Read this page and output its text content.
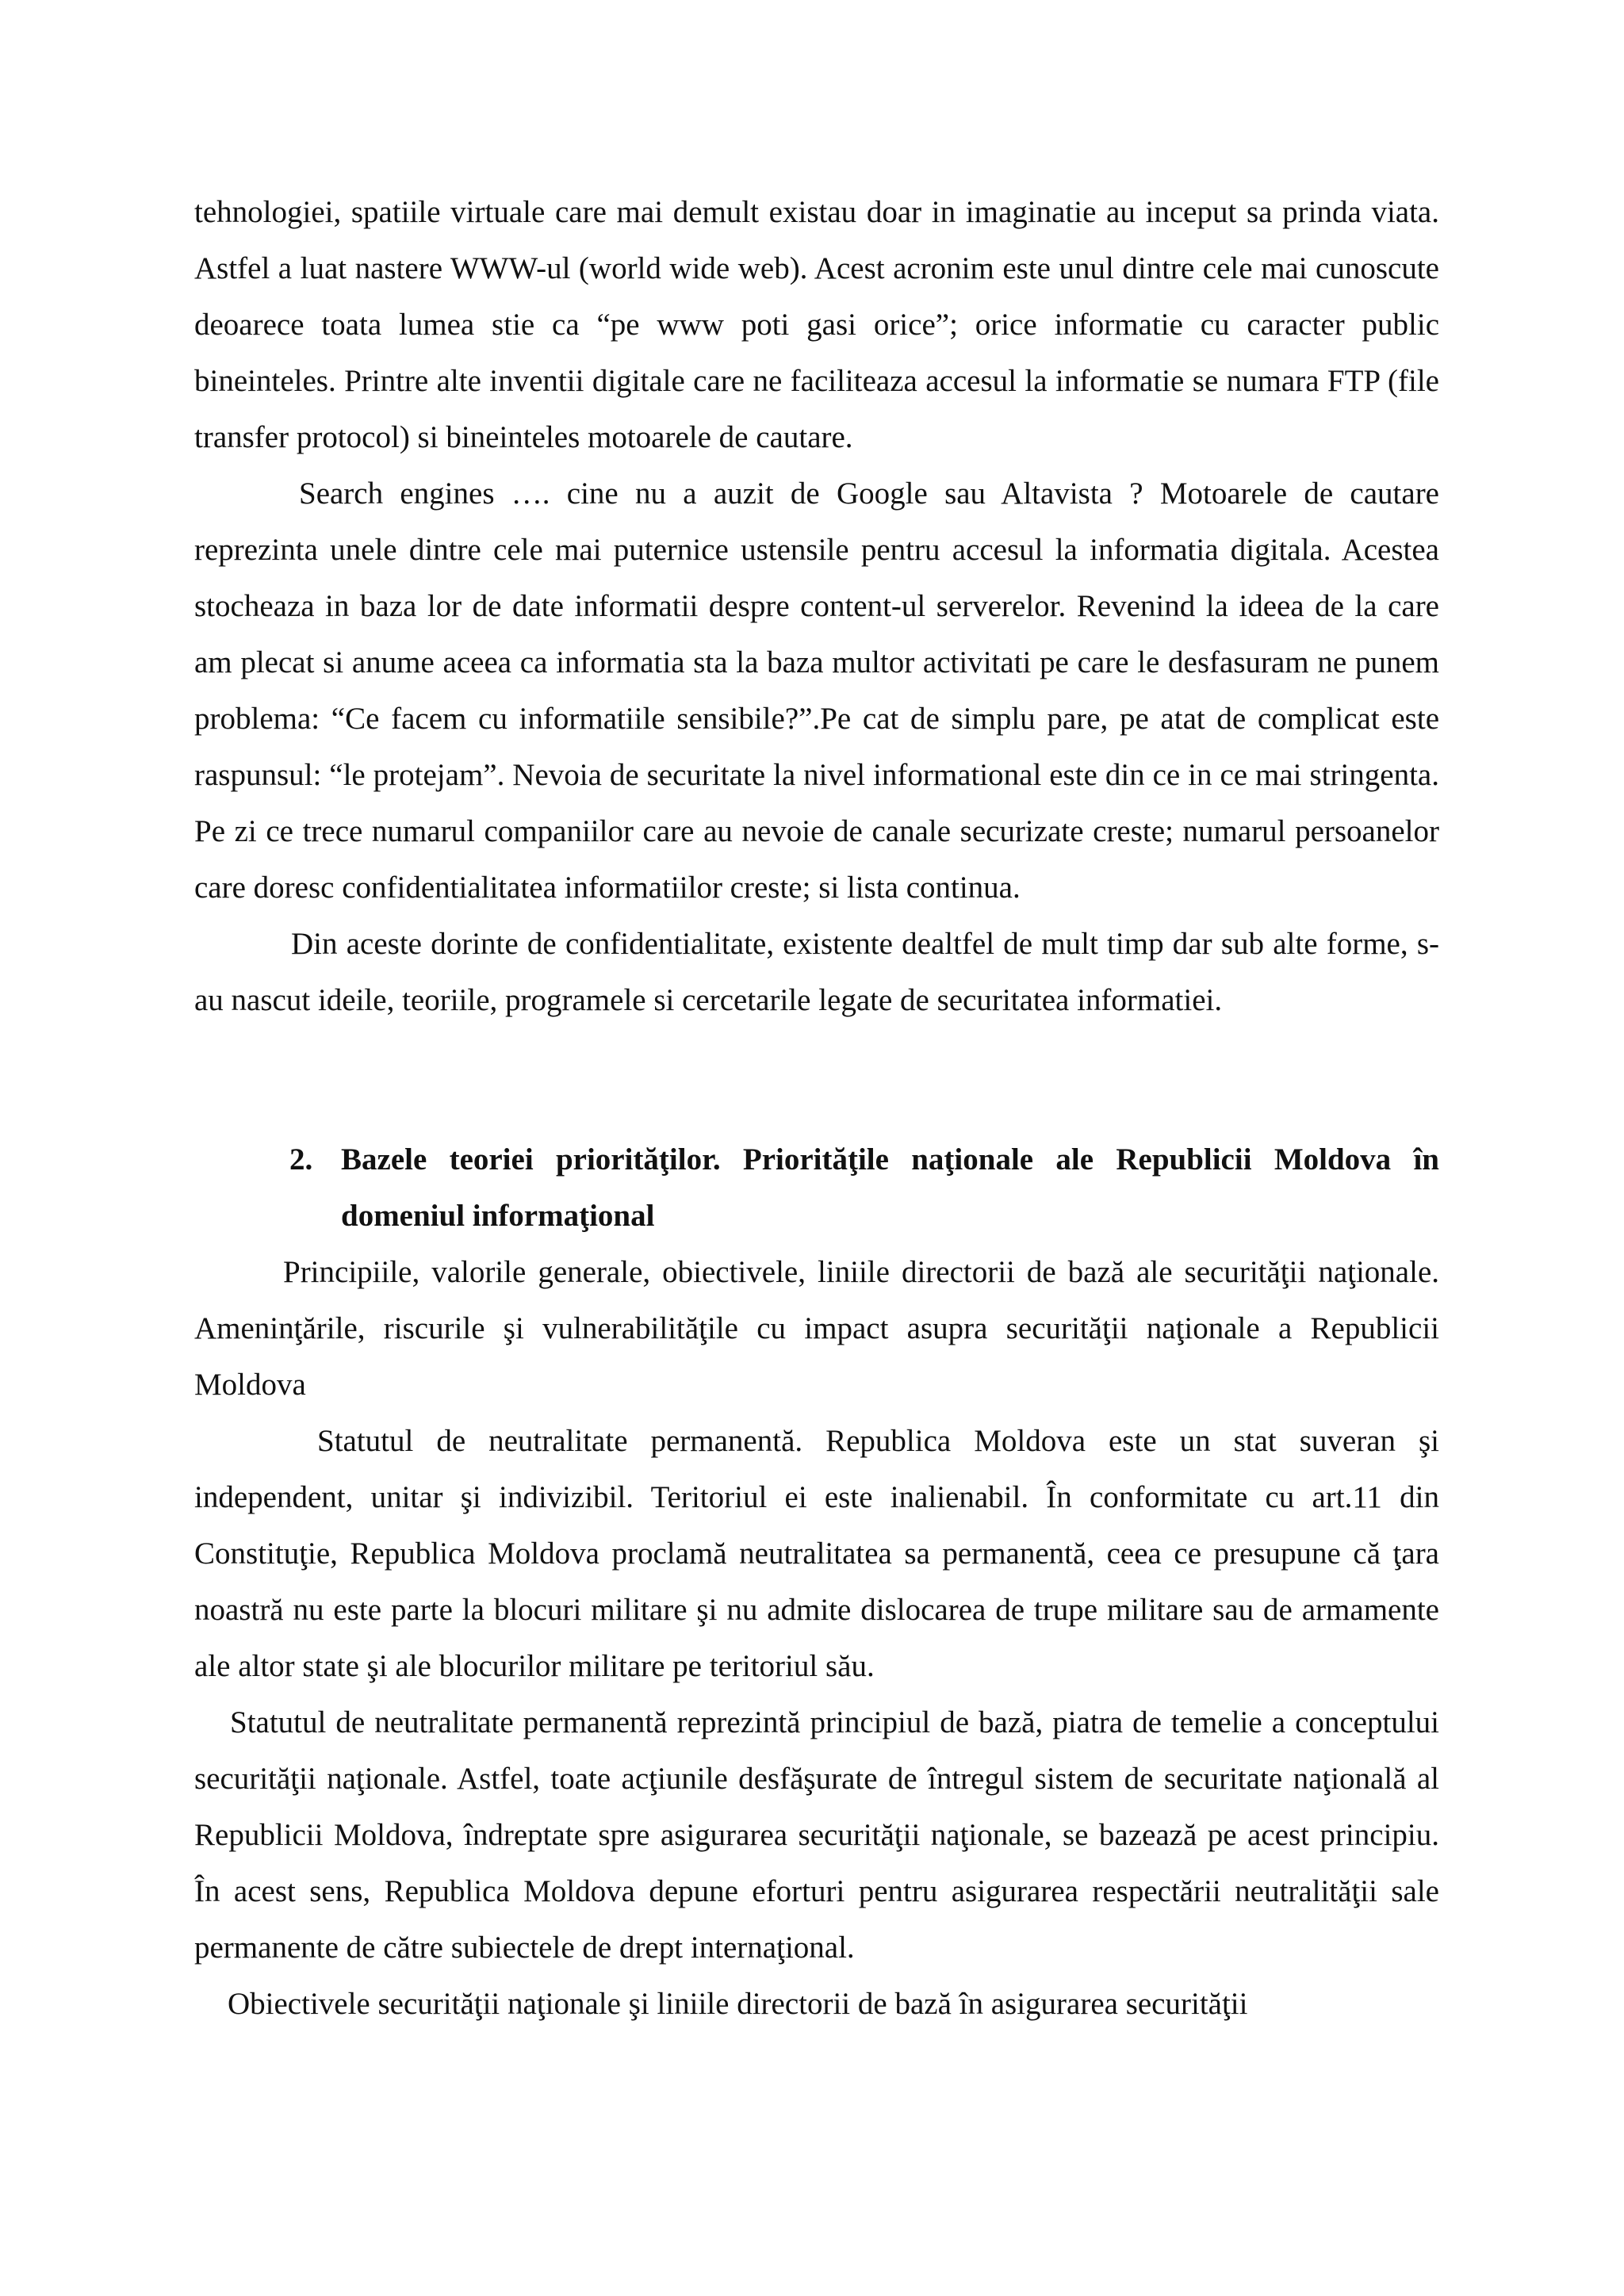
tehnologiei, spatiile virtuale care mai demult existau doar in imaginatie au inceput sa prinda viata. Astfel a luat nastere WWW-ul (world wide web). Acest acronim este unul dintre cele mai cunoscute deoarece toata lumea stie ca “pe www poti gasi orice”; orice informatie cu caracter public bineinteles. Printre alte inventii digitale care ne faciliteaza accesul la informatie se numara FTP (file transfer protocol) si bineinteles motoarele de cautare.

Search engines …. cine nu a auzit de Google sau Altavista ? Motoarele de cautare reprezinta unele dintre cele mai puternice ustensile pentru accesul la informatia digitala. Acestea stocheaza in baza lor de date informatii despre content-ul serverelor. Revenind la ideea de la care am plecat si anume aceea ca informatia sta la baza multor activitati pe care le desfasuram ne punem problema: “Ce facem cu informatiile sensibile?”.Pe cat de simplu pare, pe atat de complicat este raspunsul: “le protejam”. Nevoia de securitate la nivel informational este din ce in ce mai stringenta. Pe zi ce trece numarul companiilor care au nevoie de canale securizate creste; numarul persoanelor care doresc confidentialitatea informatiilor creste; si lista continua.

Din aceste dorinte de confidentialitate, existente dealtfel de mult timp dar sub alte forme, s-au nascut ideile, teoriile, programele si cercetarile legate de securitatea informatiei.

2. Bazele teoriei priorităţilor. Priorităţile naţionale ale Republicii Moldova în domeniul informaţional

Principiile, valorile generale, obiectivele, liniile directorii de bază ale securităţii naţionale. Ameninţările, riscurile şi vulnerabilităţile cu impact asupra securităţii naţionale a Republicii Moldova

Statutul de neutralitate permanentă. Republica Moldova este un stat suveran şi independent, unitar şi indivizibil. Teritoriul ei este inalienabil. În conformitate cu art.11 din Constituţie, Republica Moldova proclamă neutralitatea sa permanentă, ceea ce presupune că ţara noastră nu este parte la blocuri militare şi nu admite dislocarea de trupe militare sau de armamente ale altor state şi ale blocurilor militare pe teritoriul său.

Statutul de neutralitate permanentă reprezintă principiul de bază, piatra de temelie a conceptului securităţii naţionale. Astfel, toate acţiunile desfăşurate de întregul sistem de securitate naţională al Republicii Moldova, îndreptate spre asigurarea securităţii naţionale, se bazează pe acest principiu. În acest sens, Republica Moldova depune eforturi pentru asigurarea respectării neutralităţii sale permanente de către subiectele de drept internaţional.

Obiectivele securităţii naţionale şi liniile directorii de bază în asigurarea securităţii
